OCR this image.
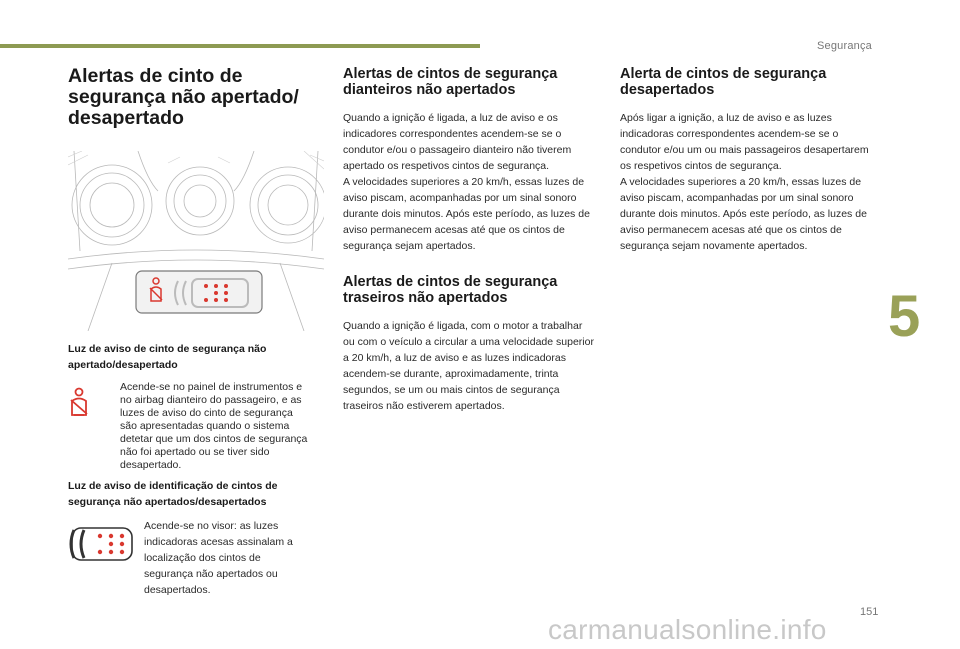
Segurança
5
151
carmanualsonline.info
Alertas de cinto de segurança não apertado/ desapertado
Luz de aviso de cinto de segurança não apertado/desapertado
Acende-se no painel de instrumentos e no airbag dianteiro do passageiro, e as luzes de aviso do cinto de segurança são apresentadas quando o sistema detetar que um dos cintos de segurança não foi apertado ou se tiver sido desapertado.
Luz de aviso de identificação de cintos de segurança não apertados/desapertados
Acende-se no visor: as luzes indicadoras acesas assinalam a localização dos cintos de segurança não apertados ou desapertados.
Alertas de cintos de segurança dianteiros não apertados

Quando a ignição é ligada, a luz de aviso e os indicadores correspondentes acendem-se se o condutor e/ou o passageiro dianteiro não tiverem apertado os respetivos cintos de segurança.
A velocidades superiores a 20 km/h, essas luzes de aviso piscam, acompanhadas por um sinal sonoro durante dois minutos. Após este período, as luzes de aviso permanecem acesas até que os cintos de segurança sejam apertados.

Alertas de cintos de segurança traseiros não apertados

Quando a ignição é ligada, com o motor a trabalhar ou com o veículo a circular a uma velocidade superior a 20 km/h, a luz de aviso e as luzes indicadoras acendem-se durante, aproximadamente, trinta segundos, se um ou mais cintos de segurança traseiros não estiverem apertados.

Alerta de cintos de segurança desapertados

Após ligar a ignição, a luz de aviso e as luzes indicadoras correspondentes acendem-se se o condutor e/ou um ou mais passageiros desapertarem os respetivos cintos de segurança.
A velocidades superiores a 20 km/h, essas luzes de aviso piscam, acompanhadas por um sinal sonoro durante dois minutos. Após este período, as luzes de aviso permanecem acesas até que os cintos de segurança sejam novamente apertados.
